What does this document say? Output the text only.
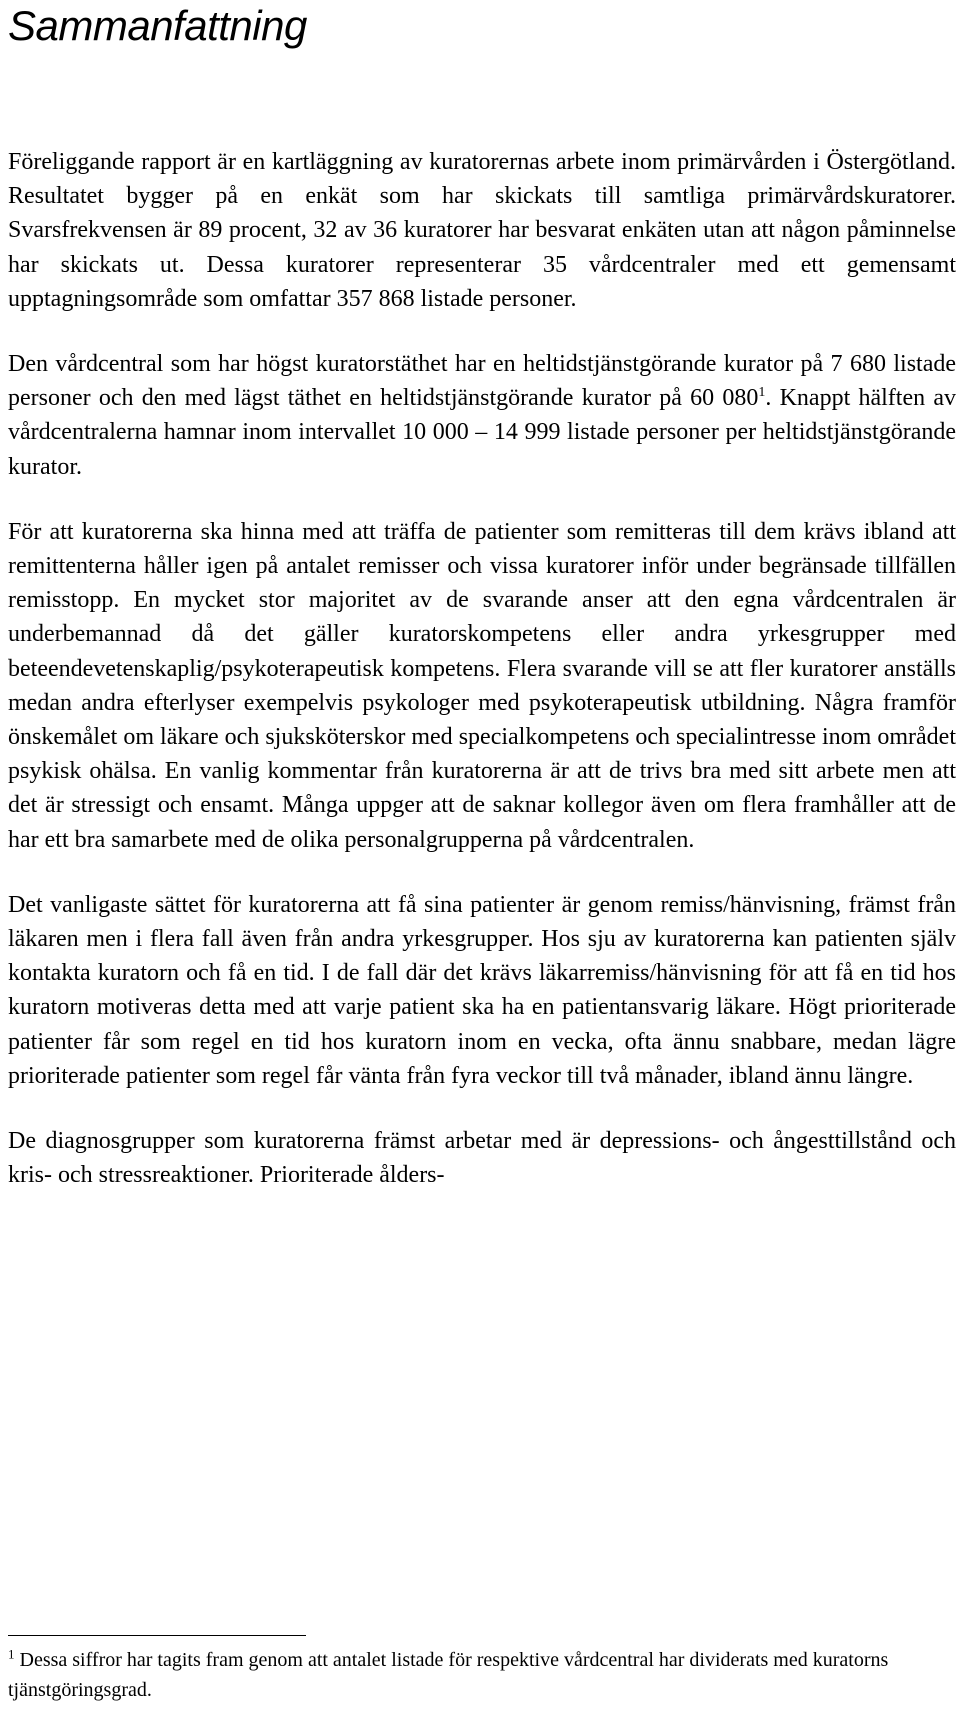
Sammanfattning

Föreliggande rapport är en kartläggning av kuratorernas arbete inom primärvården i Östergötland. Resultatet bygger på en enkät som har skickats till samtliga primärvårdskuratorer. Svarsfrekvensen är 89 procent, 32 av 36 kuratorer har besvarat enkäten utan att någon påminnelse har skickats ut. Dessa kuratorer representerar 35 vårdcentraler med ett gemensamt upptagningsområde som omfattar 357 868 listade personer.

Den vårdcentral som har högst kuratorstäthet har en heltidstjänstgörande kurator på 7 680 listade personer och den med lägst täthet en heltidstjänstgörande kurator på 60 $080^1$. Knappt hälften av vårdcentralerna hamnar inom intervallet 10 000 – 14 999 listade personer per heltidstjänstgörande kurator.

För att kuratorerna ska hinna med att träffa de patienter som remitteras till dem krävs ibland att remittenterna håller igen på antalet remisser och vissa kuratorer inför under begränsade tillfällen remisstopp. En mycket stor majoritet av de svarande anser att den egna vårdcentralen är underbemannad då det gäller kuratorskompetens eller andra yrkesgrupper med beteendevetenskaplig/psykoterapeutisk kompetens. Flera svarande vill se att fler kuratorer anställs medan andra efterlyser exempelvis psykologer med psykoterapeutisk utbildning. Några framför önskemålet om läkare och sjuksköterskor med specialkompetens och specialintresse inom området psykisk ohälsa. En vanlig kommentar från kuratorerna är att de trivs bra med sitt arbete men att det är stressigt och ensamt. Många uppger att de saknar kollegor även om flera framhåller att de har ett bra samarbete med de olika personalgrupperna på vårdcentralen.

Det vanligaste sättet för kuratorerna att få sina patienter är genom remiss/hänvisning, främst från läkaren men i flera fall även från andra yrkesgrupper. Hos sju av kuratorerna kan patienten själv kontakta kuratorn och få en tid. I de fall där det krävs läkarremiss/hänvisning för att få en tid hos kuratorn motiveras detta med att varje patient ska ha en patientansvarig läkare. Högt prioriterade patienter får som regel en tid hos kuratorn inom en vecka, ofta ännu snabbare, medan lägre prioriterade patienter som regel får vänta från fyra veckor till två månader, ibland ännu längre.

De diagnosgrupper som kuratorerna främst arbetar med är depressions- och ångesttillstånd och kris- och stressreaktioner. Prioriterade ålders-

$^1$ Dessa siffror har tagits fram genom att antalet listade för respektive vårdcentral har dividerats med kuratorns tjänstgöringsgrad.
